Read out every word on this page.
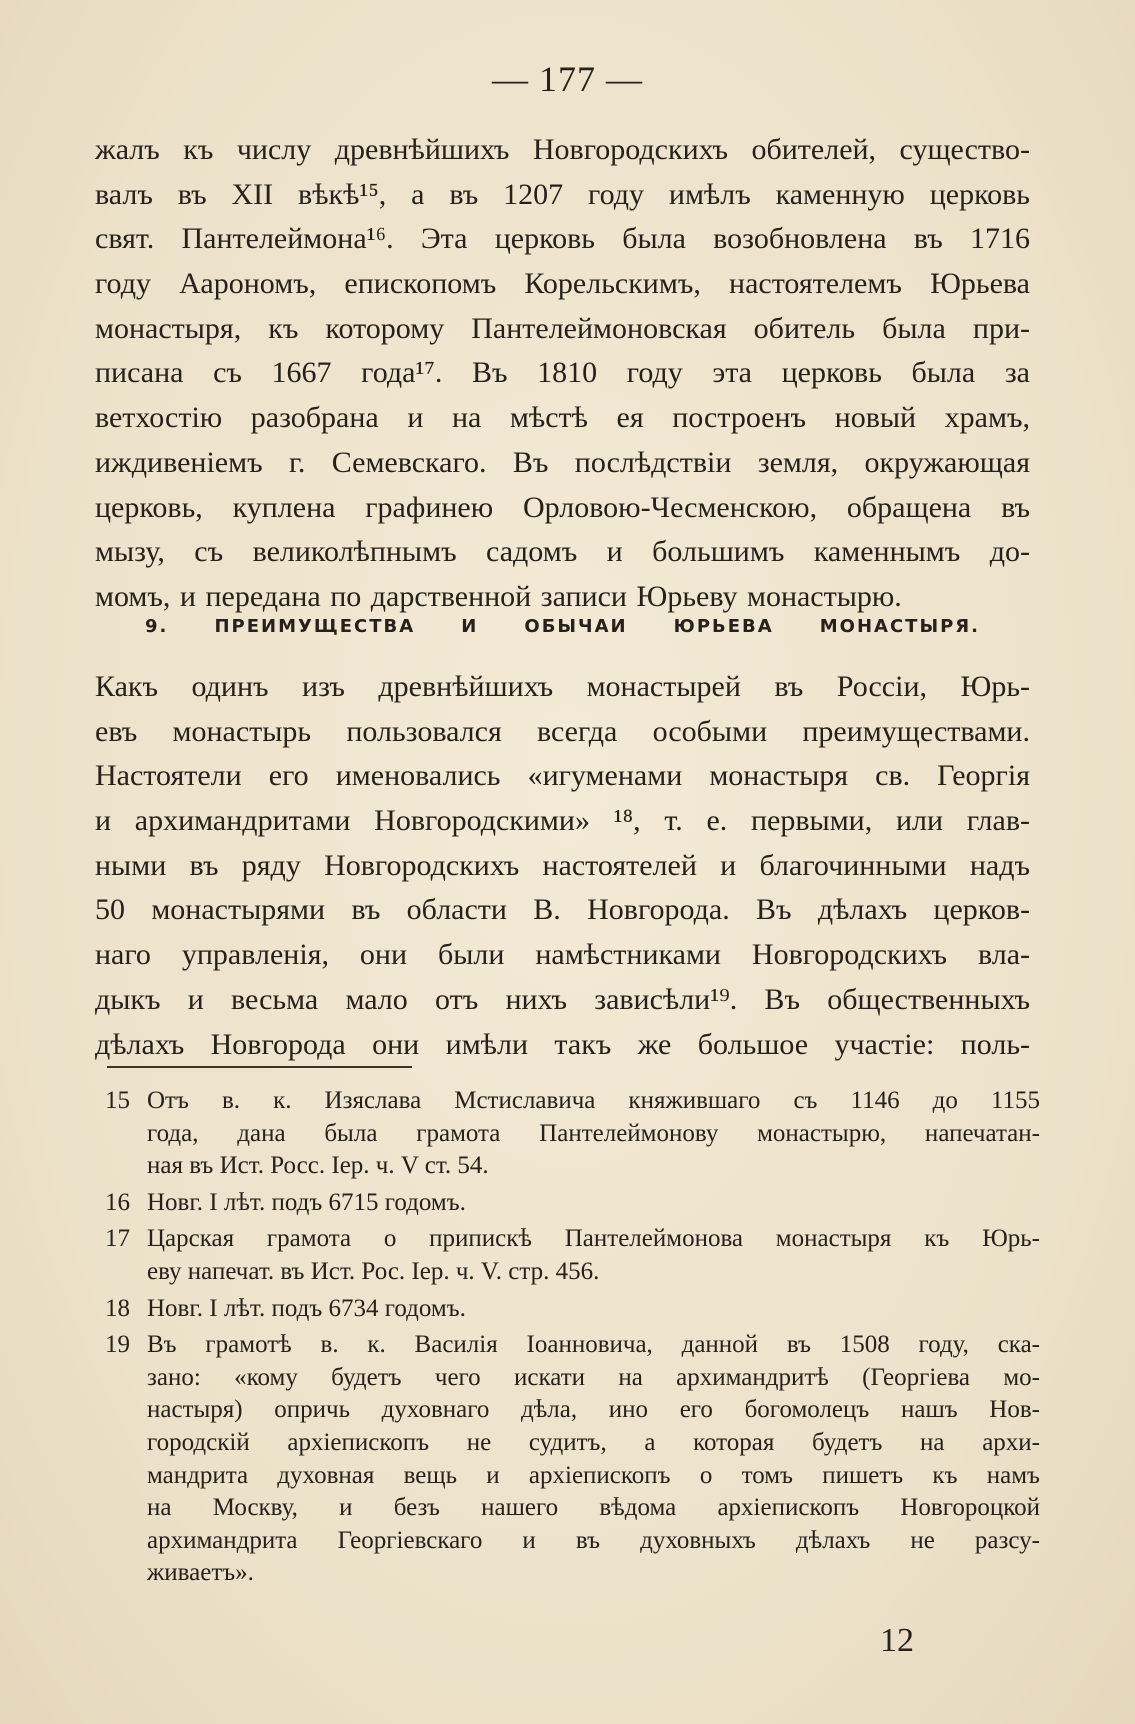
— 177 —
жалъ къ числу древнѣйшихъ Новгородскихъ обителей, существо-
валъ въ XII вѣкѣ¹⁵, а въ 1207 году имѣлъ каменную церковь
свят. Пантелеймона¹⁶. Эта церковь была возобновлена въ 1716
году Аарономъ, епископомъ Корельскимъ, настоятелемъ Юрьева
монастыря, къ которому Пантелеймоновская обитель была при-
писана съ 1667 года¹⁷. Въ 1810 году эта церковь была за
ветхостію разобрана и на мѣстѣ ея построенъ новый храмъ,
иждивеніемъ г. Семевскаго. Въ послѣдствіи земля, окружающая
церковь, куплена графинею Орловою-Чесменскою, обращена въ
мызу, съ великолѣпнымъ садомъ и большимъ каменнымъ до-
момъ, и передана по дарственной записи Юрьеву монастырю.
9. ПРЕИМУЩЕСТВА И ОБЫЧАИ ЮРЬЕВА МОНАСТЫРЯ.
Какъ одинъ изъ древнѣйшихъ монастырей въ Россіи, Юрь-
евъ монастырь пользовался всегда особыми преимуществами.
Настоятели его именовались «игуменами монастыря св. Георгія
и архимандритами Новгородскими» ¹⁸, т. е. первыми, или глав-
ными въ ряду Новгородскихъ настоятелей и благочинными надъ
50 монастырями въ области В. Новгорода. Въ дѣлахъ церков-
наго управленія, они были намѣстниками Новгородскихъ вла-
дыкъ и весьма мало отъ нихъ зависѣли¹⁹. Въ общественныхъ
дѣлахъ Новгорода они имѣли такъ же большое участіе: поль-
15 Отъ в. к. Изяслава Мстиславича княжившаго съ 1146 до 1155
года, дана была грамота Пантелеймонову монастырю, напечатан-
ная въ Ист. Росс. Іер. ч. V ст. 54.
16 Новг. I лѣт. подъ 6715 годомъ.
17 Царская грамота о припискѣ Пантелеймонова монастыря къ Юрь-
еву напечат. въ Ист. Рос. Іер. ч. V. стр. 456.
18 Новг. I лѣт. подъ 6734 годомъ.
19 Въ грамотѣ в. к. Василія Іоанновича, данной въ 1508 году, ска-
зано: «кому будетъ чего искати на архимандритѣ (Георгіева мо-
настыря) опричь духовнаго дѣла, ино его богомолецъ нашъ Нов-
городскій архіепископъ не судитъ, а которая будетъ на архи-
мандрита духовная вещь и архіепископъ о томъ пишетъ къ намъ
на Москву, и безъ нашего вѣдома архіепископъ Новгороцкой
архимандрита Георгіевскаго и въ духовныхъ дѣлахъ не разсу-
живаетъ».
12
